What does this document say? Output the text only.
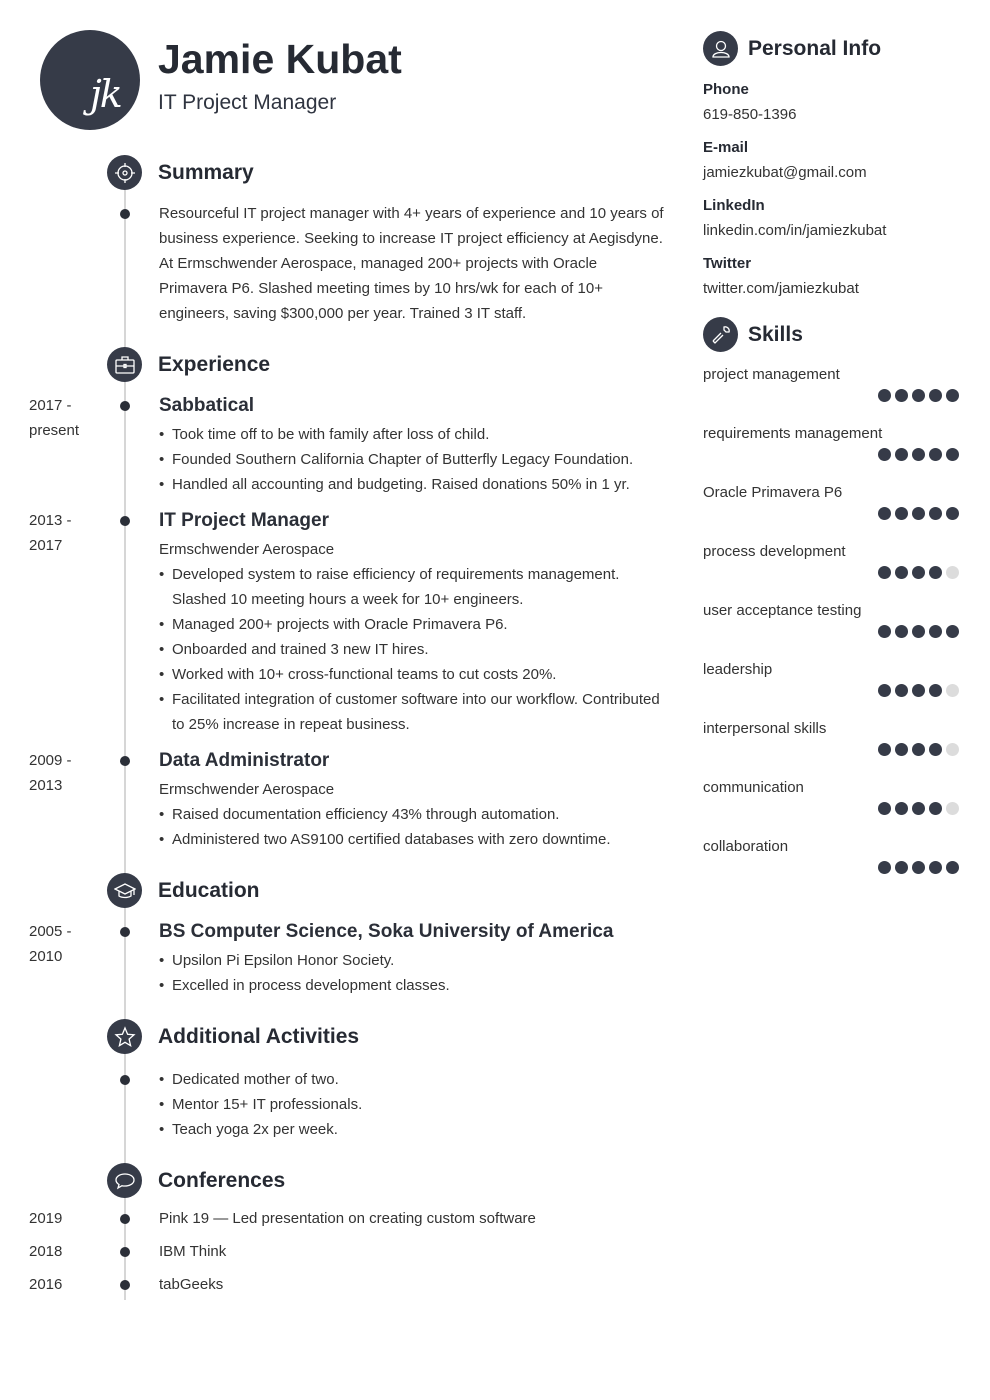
jk
Jamie Kubat
IT Project Manager
Summary

Resourceful IT project manager with 4+ years of experience and 10 years of business experience. Seeking to increase IT project efficiency at Aegisdyne. At Ermschwender Aerospace, managed 200+ projects with Oracle Primavera P6. Slashed meeting times by 10 hrs/wk for each of 10+ engineers, saving $300,000 per year. Trained 3 IT staff.

Experience
2017 -
present
Sabbatical
• Took time off to be with family after loss of child.
• Founded Southern California Chapter of Butterfly Legacy Foundation.
• Handled all accounting and budgeting. Raised donations 50% in 1 yr.
2013 -
2017
IT Project Manager
Ermschwender Aerospace
• Developed system to raise efficiency of requirements management. Slashed 10 meeting hours a week for 10+ engineers.
• Managed 200+ projects with Oracle Primavera P6.
• Onboarded and trained 3 new IT hires.
• Worked with 10+ cross-functional teams to cut costs 20%.
• Facilitated integration of customer software into our workflow. Contributed to 25% increase in repeat business.
2009 -
2013
Data Administrator
Ermschwender Aerospace
• Raised documentation efficiency 43% through automation.
• Administered two AS9100 certified databases with zero downtime.
Education
2005 -
2010
BS Computer Science, Soka University of America
• Upsilon Pi Epsilon Honor Society.
• Excelled in process development classes.
Additional Activities
• Dedicated mother of two.
• Mentor 15+ IT professionals.
• Teach yoga 2x per week.
Conferences
2019	Pink 19 — Led presentation on creating custom software
2018	IBM Think
2016	tabGeeks
Personal Info
Phone
619-850-1396
E-mail
jamiezkubat@gmail.com
LinkedIn
linkedin.com/in/jamiezkubat
Twitter
twitter.com/jamiezkubat
Skills
project management
requirements management
Oracle Primavera P6
process development
user acceptance testing
leadership
interpersonal skills
communication
collaboration
